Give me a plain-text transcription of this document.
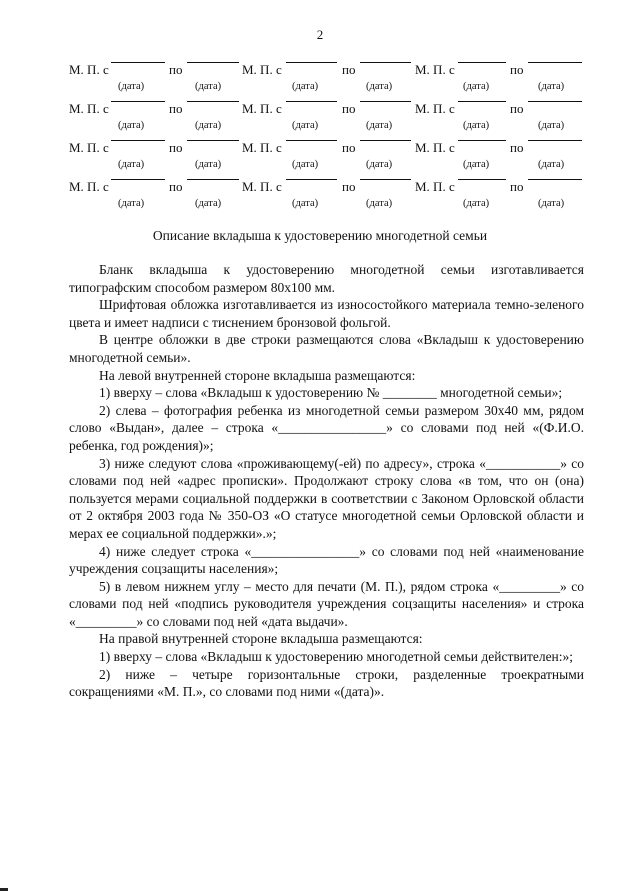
2
М. П. с	по	М. П. с	по	М. П. с	по
(дата)	(дата)	(дата)	(дата)	(дата)	(дата)
М. П. с	по	М. П. с	по	М. П. с	по
(дата)	(дата)	(дата)	(дата)	(дата)	(дата)
М. П. с	по	М. П. с	по	М. П. с	по
(дата)	(дата)	(дата)	(дата)	(дата)	(дата)
М. П. с	по	М. П. с	по	М. П. с	по
(дата)	(дата)	(дата)	(дата)	(дата)	(дата)
Описание вкладыша к удостоверению многодетной семьи

Бланк вкладыша к удостоверению многодетной семьи изготавливается типографским способом размером 80x100 мм.

Шрифтовая обложка изготавливается из износостойкого материала темно-зеленого цвета и имеет надписи с тиснением бронзовой фольгой.

В центре обложки в две строки размещаются слова «Вкладыш к удостоверению многодетной семьи».

На левой внутренней стороне вкладыша размещаются:

1) вверху – слова «Вкладыш к удостоверению № ________ многодетной семьи»;

2) слева – фотография ребенка из многодетной семьи размером 30x40 мм, рядом слово «Выдан», далее – строка «________________» со словами под ней «(Ф.И.О. ребенка, год рождения)»;

3) ниже следуют слова «проживающему(-ей) по адресу», строка «___________» со словами под ней «адрес прописки». Продолжают строку слова «в том, что он (она) пользуется мерами социальной поддержки в соответствии с Законом Орловской области от 2 октября 2003 года № 350-ОЗ «О статусе многодетной семьи Орловской области и мерах ее социальной поддержки».»;

4) ниже следует строка «________________» со словами под ней «наименование учреждения соцзащиты населения»;

5) в левом нижнем углу – место для печати (М. П.), рядом строка «_________» со словами под ней «подпись руководителя учреждения соцзащиты населения» и строка «_________» со словами под ней «дата выдачи».

На правой внутренней стороне вкладыша размещаются:

1) вверху – слова «Вкладыш к удостоверению многодетной семьи действителен:»;

2) ниже – четыре горизонтальные строки, разделенные троекратными сокращениями «М. П.», со словами под ними «(дата)».
